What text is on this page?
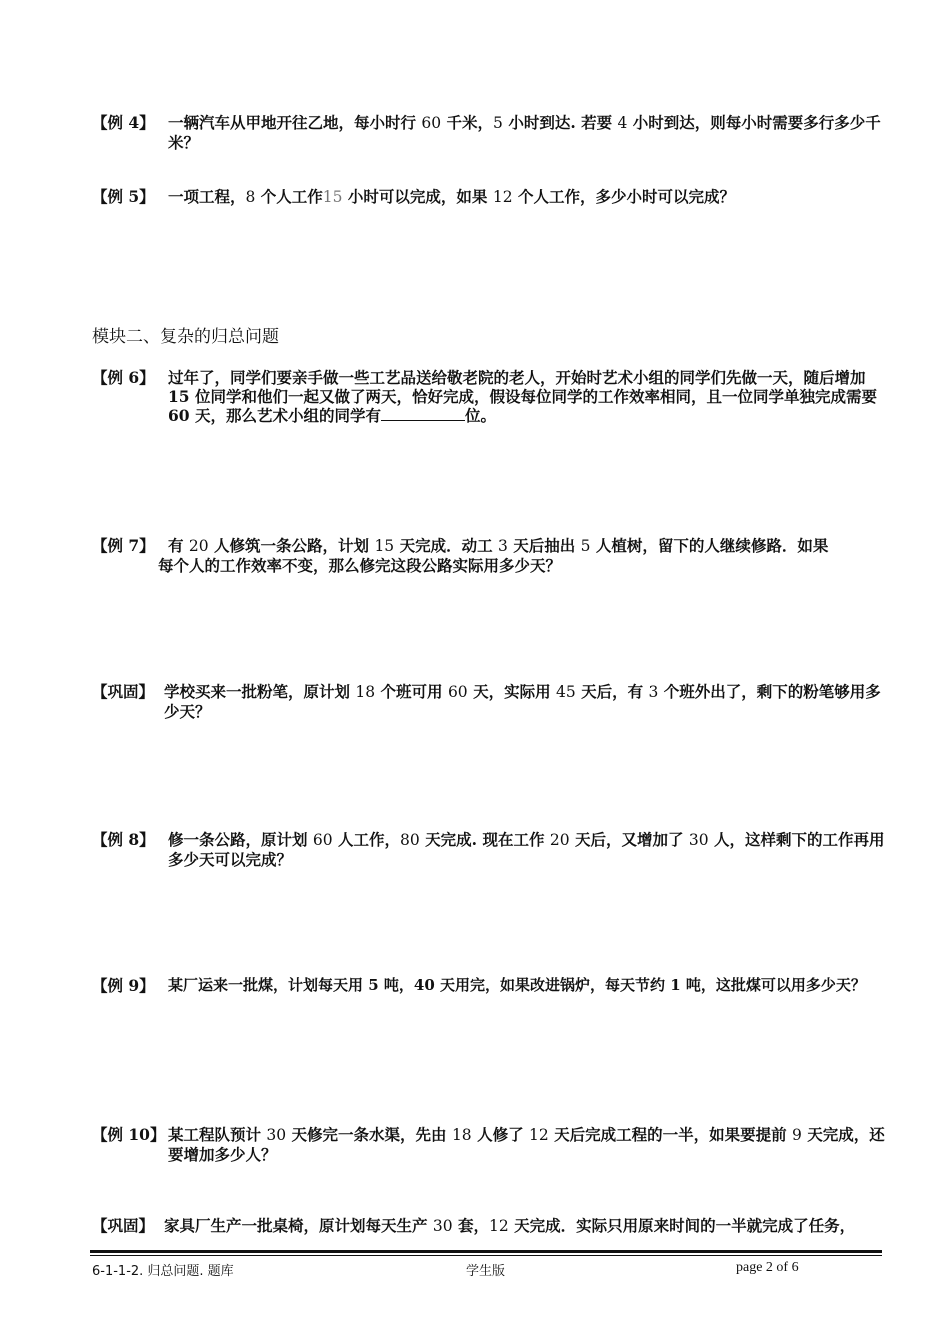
【例 4】 一辆汽车从甲地开往乙地，每小时行 60 千米，5 小时到达. 若要 4 小时到达，则每小时需要多行多少千米？
【例 5】 一项工程，8 个人工作15 小时可以完成，如果 12 个人工作，多少小时可以完成？
模块二、复杂的归总问题
【例 6】 过年了，同学们要亲手做一些工艺品送给敬老院的老人，开始时艺术小组的同学们先做一天，随后增加 15 位同学和他们一起又做了两天，恰好完成，假设每位同学的工作效率相同，且一位同学单独完成需要 60 天，那么艺术小组的同学有	位。
【例 7】 有 20 人修筑一条公路，计划 15 天完成．动工 3 天后抽出 5 人植树，留下的人继续修路．如果
每个人的工作效率不变，那么修完这段公路实际用多少天？
【巩固】 学校买来一批粉笔，原计划 18 个班可用 60 天，实际用 45 天后，有 3 个班外出了，剩下的粉笔够用多少天？
【例 8】 修一条公路，原计划 60 人工作，80 天完成. 现在工作 20 天后，又增加了 30 人，这样剩下的工作再用多少天可以完成？
【例 9】 某厂运来一批煤，计划每天用 5 吨，40 天用完，如果改进锅炉，每天节约 1 吨，这批煤可以用多少天？
【例 10】 某工程队预计 30 天修完一条水渠，先由 18 人修了 12 天后完成工程的一半，如果要提前 9 天完成，还要增加多少人？
【巩固】 家具厂生产一批桌椅，原计划每天生产 30 套，12 天完成．实际只用原来时间的一半就完成了任务，
6-1-1-2. 归总问题. 题库	学生版	page 2 of 6
